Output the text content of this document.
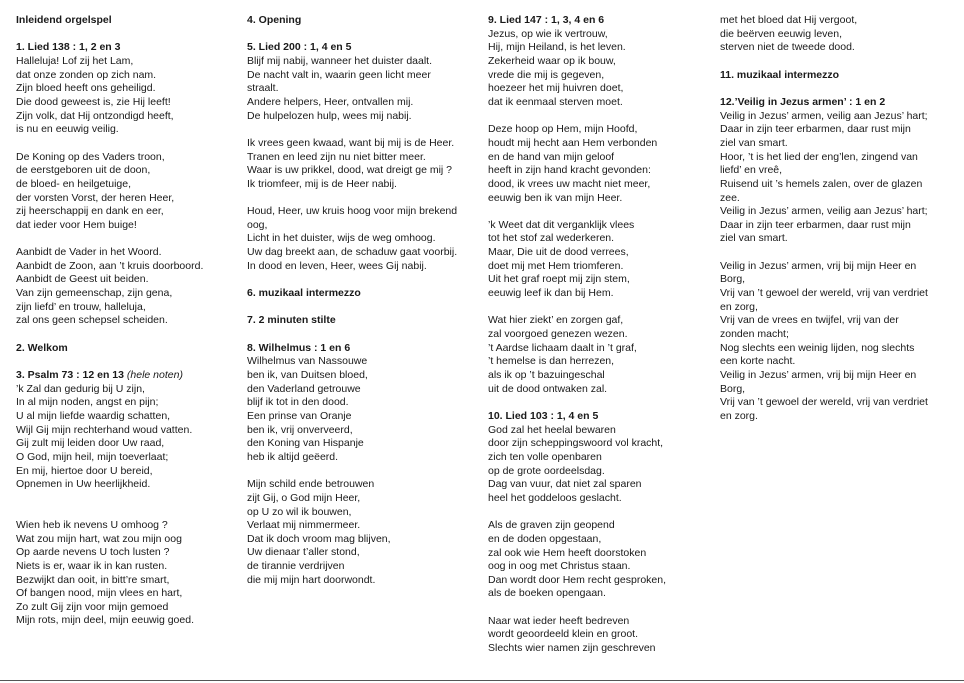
Inleidend orgelspel
1. Lied 138 : 1, 2 en 3
Halleluja! Lof zij het Lam,
dat onze zonden op zich nam.
Zijn bloed heeft ons geheiligd.
Die dood geweest is, zie Hij leeft!
Zijn volk, dat Hij ontzondigd heeft,
is nu en eeuwig veilig.
De Koning op des Vaders troon,
de eerstgeboren uit de doon,
de bloed- en heilgetuige,
der vorsten Vorst, der heren Heer,
zij heerschappij en dank en eer,
dat ieder voor Hem buige!
Aanbidt de Vader in het Woord.
Aanbidt de Zoon, aan ’t kruis doorboord.
Aanbidt de Geest uit beiden.
Van zijn gemeenschap, zijn gena,
zijn liefd’ en trouw, halleluja,
zal ons geen schepsel scheiden.
2. Welkom
3. Psalm 73 : 12 en 13 (hele noten)
’k Zal dan gedurig bij U zijn,
In al mijn noden, angst en pijn;
U al mijn liefde waardig schatten,
Wijl Gij mijn rechterhand woud vatten.
Gij zult mij leiden door Uw raad,
O God, mijn heil, mijn toeverlaat;
En mij, hiertoe door U bereid,
Opnemen in Uw heerlijkheid.
Wien heb ik nevens U omhoog ?
Wat zou mijn hart, wat zou mijn oog
Op aarde nevens U toch lusten ?
Niets is er, waar ik in kan rusten.
Bezwijkt dan ooit, in bitt’re smart,
Of bangen nood, mijn vlees en hart,
Zo zult Gij zijn voor mijn gemoed
Mijn rots, mijn deel, mijn eeuwig goed.
4. Opening
5. Lied 200 : 1, 4 en 5
Blijf mij nabij, wanneer het duister daalt.
De nacht valt in, waarin geen licht meer
straalt.
Andere helpers, Heer, ontvallen mij.
De hulpelozen hulp, wees mij nabij.
Ik vrees geen kwaad, want bij mij is de Heer.
Tranen en leed zijn nu niet bitter meer.
Waar is uw prikkel, dood, wat dreigt ge mij ?
Ik triomfeer, mij is de Heer nabij.
Houd, Heer, uw kruis hoog voor mijn brekend
oog,
Licht in het duister, wijs de weg omhoog.
Uw dag breekt aan, de schaduw gaat voorbij.
In dood en leven, Heer, wees Gij nabij.
6. muzikaal intermezzo
7. 2 minuten stilte
8. Wilhelmus : 1 en 6
Wilhelmus van Nassouwe
ben ik, van Duitsen bloed,
den Vaderland getrouwe
blijf ik tot in den dood.
Een prinse van Oranje
ben ik, vrij onverveerd,
den Koning van Hispanje
heb ik altijd geëerd.
Mijn schild ende betrouwen
zijt Gij, o God mijn Heer,
op U zo wil ik bouwen,
Verlaat mij nimmermeer.
Dat ik doch vroom mag blijven,
Uw dienaar t’aller stond,
de tirannie verdrijven
die mij mijn hart doorwondt.
9. Lied 147 : 1, 3, 4 en 6
Jezus, op wie ik vertrouw,
Hij, mijn Heiland, is het leven.
Zekerheid waar op ik bouw,
vrede die mij is gegeven,
hoezeer het mij huivren doet,
dat ik eenmaal sterven moet.
Deze hoop op Hem, mijn Hoofd,
houdt mij hecht aan Hem verbonden
en de hand van mijn geloof
heeft in zijn hand kracht gevonden:
dood, ik vrees uw macht niet meer,
eeuwig ben ik van mijn Heer.
’k Weet dat dit verganklijk vlees
tot het stof zal wederkeren.
Maar, Die uit de dood verrees,
doet mij met Hem triomferen.
Uit het graf roept mij zijn stem,
eeuwig leef ik dan bij Hem.
Wat hier ziekt’ en zorgen gaf,
zal voorgoed genezen wezen.
’t Aardse lichaam daalt in ’t graf,
’t hemelse is dan herrezen,
als ik op ’t bazuingeschal
uit de dood ontwaken zal.
10. Lied 103 : 1, 4 en 5
God zal het heelal bewaren
door zijn scheppingswoord vol kracht,
zich ten volle openbaren
op de grote oordeelsdag.
Dag van vuur, dat niet zal sparen
heel het goddeloos geslacht.
Als de graven zijn geopend
en de doden opgestaan,
zal ook wie Hem heeft doorstoken
oog in oog met Christus staan.
Dan wordt door Hem recht gesproken,
als de boeken opengaan.
Naar wat ieder heeft bedreven
wordt geoordeeld klein en groot.
Slechts wier namen zijn geschreven
met het bloed dat Hij vergoot,
die beërven eeuwig leven,
sterven niet de tweede dood.
11. muzikaal intermezzo
12.’Veilig in Jezus armen’ : 1 en 2
Veilig in Jezus’ armen, veilig aan Jezus’ hart;
Daar in zijn teer erbarmen, daar rust mijn
ziel van smart.
Hoor, ’t is het lied der eng’len, zingend van
liefd’ en vreê,
Ruisend uit ’s hemels zalen, over de glazen
zee.
Veilig in Jezus’ armen, veilig aan Jezus’ hart;
Daar in zijn teer erbarmen, daar rust mijn
ziel van smart.
Veilig in Jezus’ armen, vrij bij mijn Heer en
Borg,
Vrij van ’t gewoel der wereld, vrij van verdriet
en zorg,
Vrij van de vrees en twijfel, vrij van der
zonden macht;
Nog slechts een weinig lijden, nog slechts
een korte nacht.
Veilig in Jezus’ armen, vrij bij mijn Heer en
Borg,
Vrij van ’t gewoel der wereld, vrij van verdriet
en zorg.
